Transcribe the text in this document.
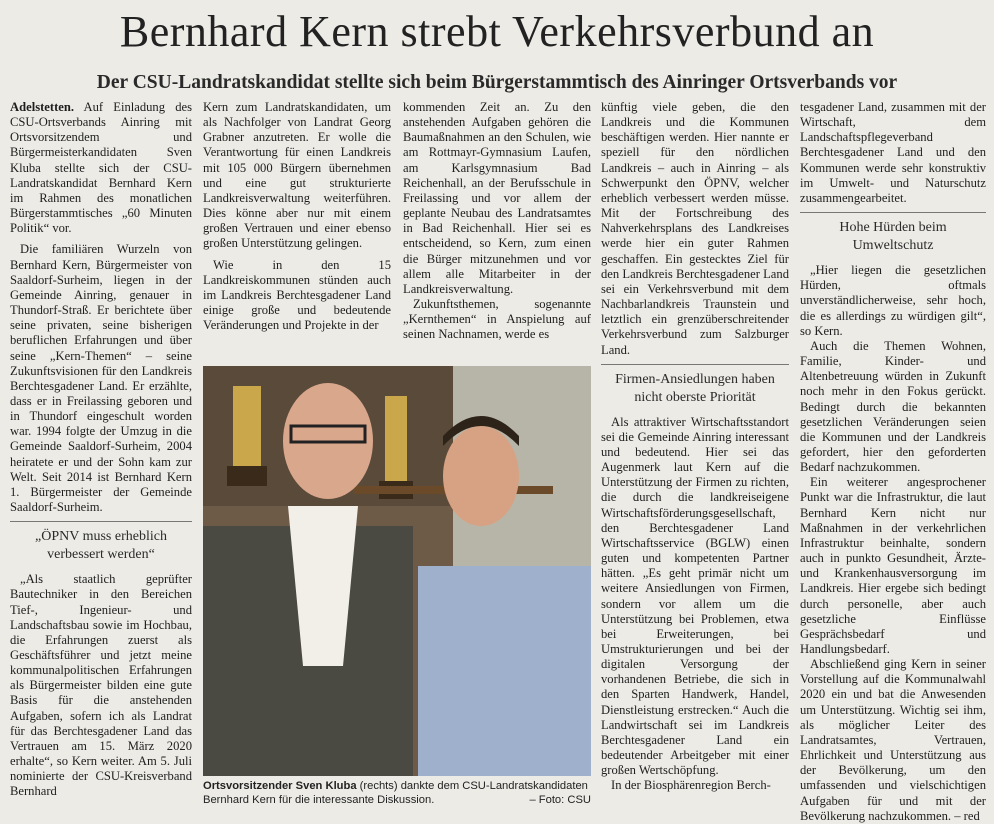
Bernhard Kern strebt Verkehrsverbund an
Der CSU-Landratskandidat stellte sich beim Bürgerstammtisch des Ainringer Ortsverbands vor

Adelstetten. Auf Einladung des CSU-Ortsverbands Ainring mit Ortsvorsitzendem und Bürgermeisterkandidaten Sven Kluba stellte sich der CSU-Landratskandidat Bernhard Kern im Rahmen des monatlichen Bürgerstammtisches „60 Minuten Politik“ vor.

Die familiären Wurzeln von Bernhard Kern, Bürgermeister von Saaldorf-Surheim, liegen in der Gemeinde Ainring, genauer in Thundorf-Straß. Er berichtete über seine privaten, seine bisherigen beruflichen Erfahrungen und über seine „Kern-Themen“ – seine Zukunftsvisionen für den Landkreis Berchtesgadener Land. Er erzählte, dass er in Freilassing geboren und in Thundorf eingeschult worden war. 1994 folgte der Umzug in die Gemeinde Saaldorf-Surheim, 2004 heiratete er und der Sohn kam zur Welt. Seit 2014 ist Bernhard Kern 1. Bürgermeister der Gemeinde Saaldorf-Surheim.

„ÖPNV muss erheblich verbessert werden“

„Als staatlich geprüfter Bautechniker in den Bereichen Tief-, Ingenieur- und Landschaftsbau sowie im Hochbau, die Erfahrungen zuerst als Geschäftsführer und jetzt meine kommunalpolitischen Erfahrungen als Bürgermeister bilden eine gute Basis für die anstehenden Aufgaben, sofern ich als Landrat für das Berchtesgadener Land das Vertrauen am 15. März 2020 erhalte“, so Kern weiter. Am 5. Juli nominierte der CSU-Kreisverband Bernhard

Kern zum Landratskandidaten, um als Nachfolger von Landrat Georg Grabner anzutreten. Er wolle die Verantwortung für einen Landkreis mit 105 000 Bürgern übernehmen und eine gut strukturierte Landkreisverwaltung weiterführen. Dies könne aber nur mit einem großen Vertrauen und einer ebenso großen Unterstützung gelingen.

Wie in den 15 Landkreiskommunen stünden auch im Landkreis Berchtesgadener Land einige große und bedeutende Veränderungen und Projekte in der

kommenden Zeit an. Zu den anstehenden Aufgaben gehören die Baumaßnahmen an den Schulen, wie am Rottmayr-Gymnasium Laufen, am Karlsgymnasium Bad Reichenhall, an der Berufsschule in Freilassing und vor allem der geplante Neubau des Landratsamtes in Bad Reichenhall. Hier sei es entscheidend, so Kern, zum einen die Bürger mitzunehmen und vor allem alle Mitarbeiter in der Landkreisverwaltung.

Zukunftsthemen, sogenannte „Kernthemen“ in Anspielung auf seinen Nachnamen, werde es

künftig viele geben, die den Landkreis und die Kommunen beschäftigen werden. Hier nannte er speziell für den nördlichen Landkreis – auch in Ainring – als Schwerpunkt den ÖPNV, welcher erheblich verbessert werden müsse. Mit der Fortschreibung des Nahverkehrsplans des Landkreises werde hier ein guter Rahmen geschaffen. Ein gestecktes Ziel für den Landkreis Berchtesgadener Land sei ein Verkehrsverbund mit dem Nachbarlandkreis Traunstein und letztlich ein grenzüberschreitender Verkehrsverbund zum Salzburger Land.

Firmen-Ansiedlungen haben nicht oberste Priorität

Als attraktiver Wirtschaftsstandort sei die Gemeinde Ainring interessant und bedeutend. Hier sei das Augenmerk laut Kern auf die Unterstützung der Firmen zu richten, die durch die landkreiseigene Wirtschaftsförderungsgesellschaft, den Berchtesgadener Land Wirtschaftsservice (BGLW) einen guten und kompetenten Partner hätten. „Es geht primär nicht um weitere Ansiedlungen von Firmen, sondern vor allem um die Unterstützung bei Problemen, etwa bei Erweiterungen, bei Umstrukturierungen und bei der digitalen Versorgung der vorhandenen Betriebe, die sich in den Sparten Handwerk, Handel, Dienstleistung erstrecken.“ Auch die Landwirtschaft sei im Landkreis Berchtesgadener Land ein bedeutender Arbeitgeber mit einer großen Wertschöpfung.

In der Biosphärenregion Berch-

tesgadener Land, zusammen mit der Wirtschaft, dem Landschaftspflegeverband Berchtesgadener Land und den Kommunen werde sehr konstruktiv im Umwelt- und Naturschutz zusammengearbeitet.

Hohe Hürden beim Umweltschutz

„Hier liegen die gesetzlichen Hürden, oftmals unverständlicherweise, sehr hoch, die es allerdings zu würdigen gilt“, so Kern.

Auch die Themen Wohnen, Familie, Kinder- und Altenbetreuung würden in Zukunft noch mehr in den Fokus gerückt. Bedingt durch die bekannten gesetzlichen Veränderungen seien die Kommunen und der Landkreis gefordert, hier den geforderten Bedarf nachzukommen.

Ein weiterer angesprochener Punkt war die Infrastruktur, die laut Bernhard Kern nicht nur Maßnahmen in der verkehrlichen Infrastruktur beinhalte, sondern auch in punkto Gesundheit, Ärzte- und Krankenhausversorgung im Landkreis. Hier ergebe sich bedingt durch personelle, aber auch gesetzliche Einflüsse Gesprächsbedarf und Handlungsbedarf.

Abschließend ging Kern in seiner Vorstellung auf die Kommunalwahl 2020 ein und bat die Anwesenden um Unterstützung. Wichtig sei ihm, als möglicher Leiter des Landratsamtes, Vertrauen, Ehrlichkeit und Unterstützung aus der Bevölkerung, um den umfassenden und vielschichtigen Aufgaben für und mit der Bevölkerung nachzukommen. – red

Ortsvorsitzender Sven Kluba (rechts) dankte dem CSU-Landratskandidaten Bernhard Kern für die interessante Diskussion.	– Foto: CSU
